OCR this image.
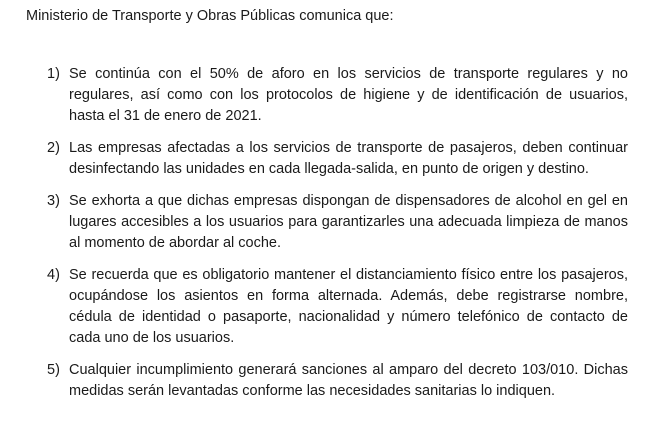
Ministerio de Transporte y Obras Públicas comunica que:
1) Se continúa con el 50% de aforo en los servicios de transporte regulares y no regulares, así como con los protocolos de higiene y de identificación de usuarios, hasta el 31 de enero de 2021.
2) Las empresas afectadas a los servicios de transporte de pasajeros, deben continuar desinfectando las unidades en cada llegada-salida, en punto de origen y destino.
3) Se exhorta a que dichas empresas dispongan de dispensadores de alcohol en gel en lugares accesibles a los usuarios para garantizarles una adecuada limpieza de manos al momento de abordar al coche.
4) Se recuerda que es obligatorio mantener el distanciamiento físico entre los pasajeros, ocupándose los asientos en forma alternada. Además, debe registrarse nombre, cédula de identidad o pasaporte, nacionalidad y número telefónico de contacto de cada uno de los usuarios.
5) Cualquier incumplimiento generará sanciones al amparo del decreto 103/010. Dichas medidas serán levantadas conforme las necesidades sanitarias lo indiquen.
